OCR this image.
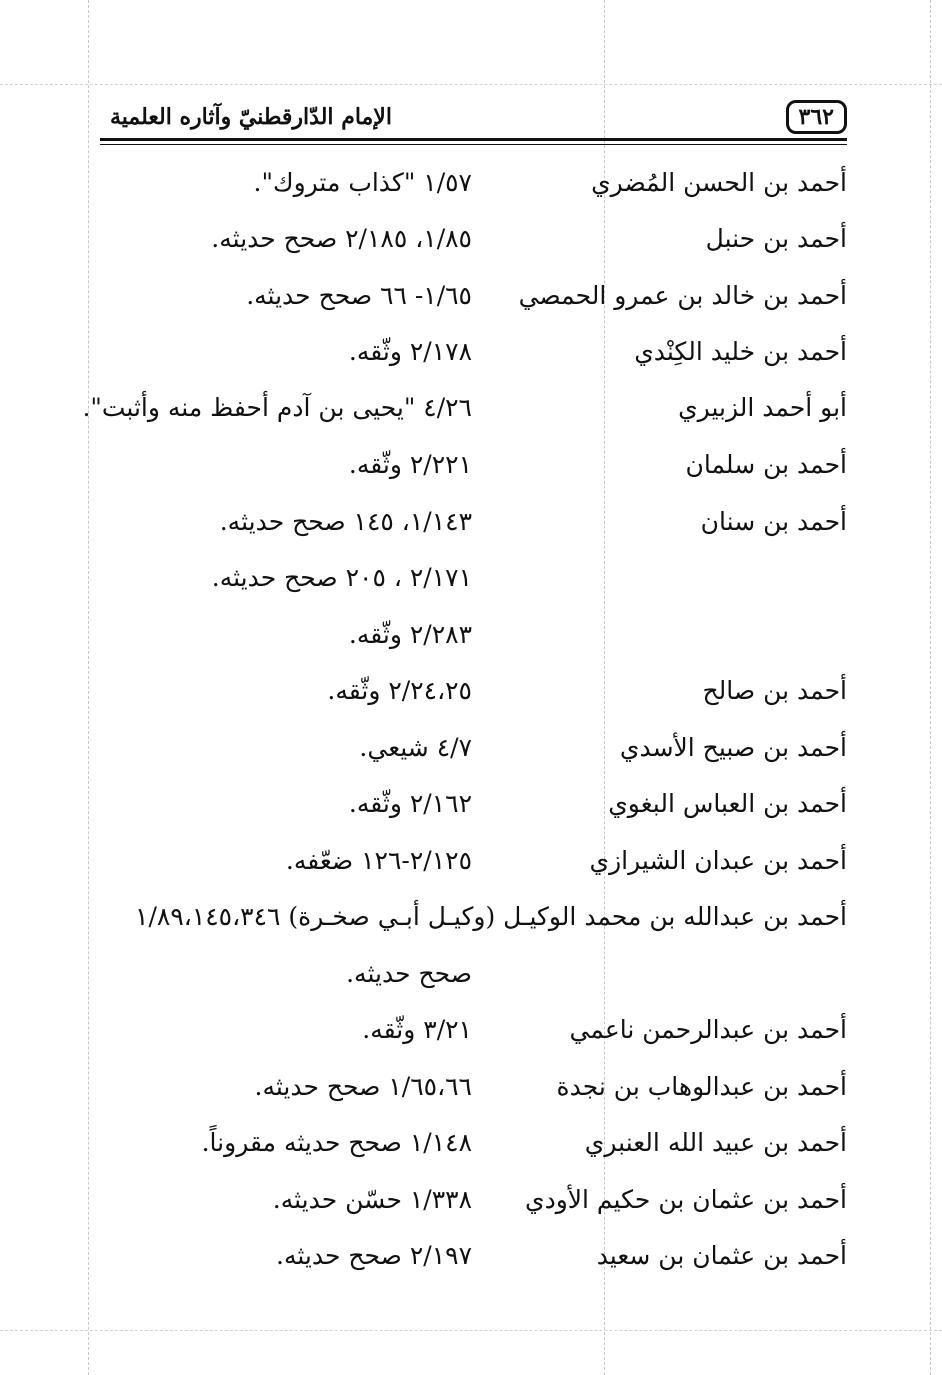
الإمام الدّارقطنيّ وآثاره العلمية	٣٦٢
أحمد بن الحسن المُضري
١/٥٧ "كذاب متروك".
أحمد بن حنبل
١/٨٥، ٢/١٨٥ صحح حديثه.
أحمد بن خالد بن عمرو الحمصي
١/٦٥- ٦٦ صحح حديثه.
أحمد بن خليد الكِنْدي
٢/١٧٨ وثّقه.
أبو أحمد الزبيري
٤/٢٦ "يحيى بن آدم أحفظ منه وأثبت".
أحمد بن سلمان
٢/٢٢١ وثّقه.
أحمد بن سنان
١/١٤٣، ١٤٥ صحح حديثه.
٢/١٧١ ، ٢٠٥ صحح حديثه.
٢/٢٨٣ وثّقه.
أحمد بن صالح
٢/٢٤،٢٥ وثّقه.
أحمد بن صبيح الأسدي
٤/٧ شيعي.
أحمد بن العباس البغوي
٢/١٦٢ وثّقه.
أحمد بن عبدان الشيرازي
٢/١٢٥-١٢٦ ضعّفه.
أحمد بن عبدالله بن محمد الوكيـل (وكيـل أبـي صخـرة) ١/٨٩،١٤٥،٣٤٦
صحح حديثه.
أحمد بن عبدالرحمن ناعمي
٣/٢١ وثّقه.
أحمد بن عبدالوهاب بن نجدة
١/٦٥،٦٦ صحح حديثه.
أحمد بن عبيد الله العنبري
١/١٤٨ صحح حديثه مقروناً.
أحمد بن عثمان بن حكيم الأودي
١/٣٣٨ حسّن حديثه.
أحمد بن عثمان بن سعيد
٢/١٩٧ صحح حديثه.
